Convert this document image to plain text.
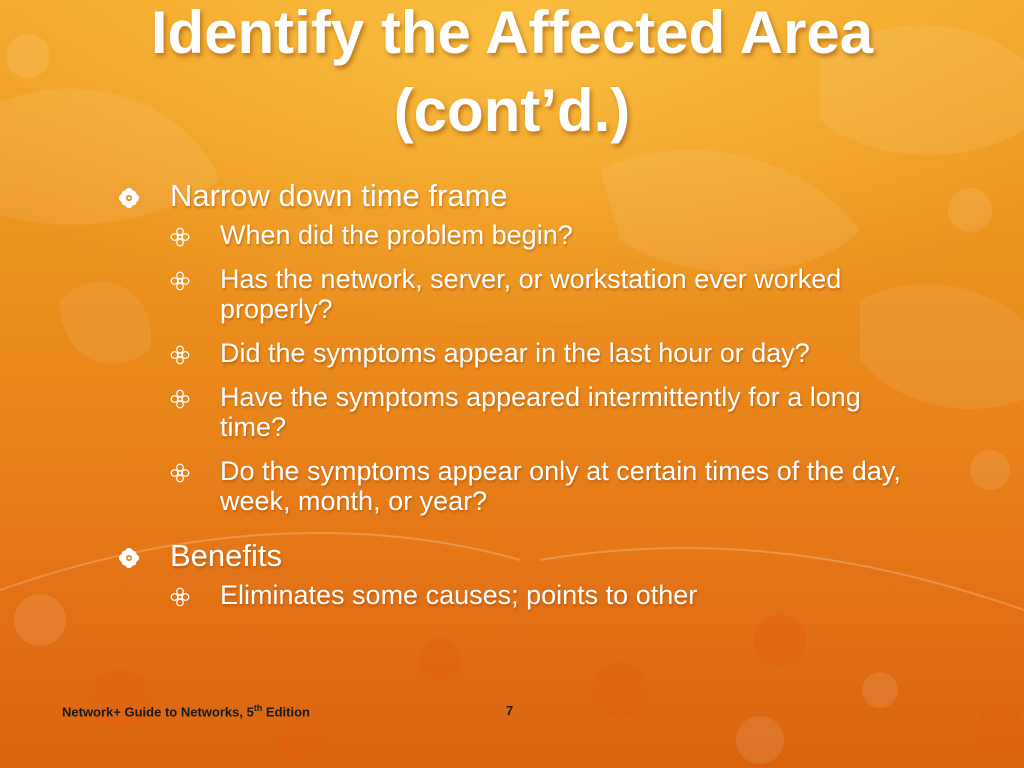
Identify the Affected Area
(cont’d.)

Narrow down time frame

When did the problem begin?
Has the network, server, or workstation ever worked properly?
Did the symptoms appear in the last hour or day?
Have the symptoms appeared intermittently for a long time?
Do the symptoms appear only at certain times of the day, week, month, or year?

Benefits

Eliminates some causes; points to other
Network+ Guide to Networks, 5th Edition	7
